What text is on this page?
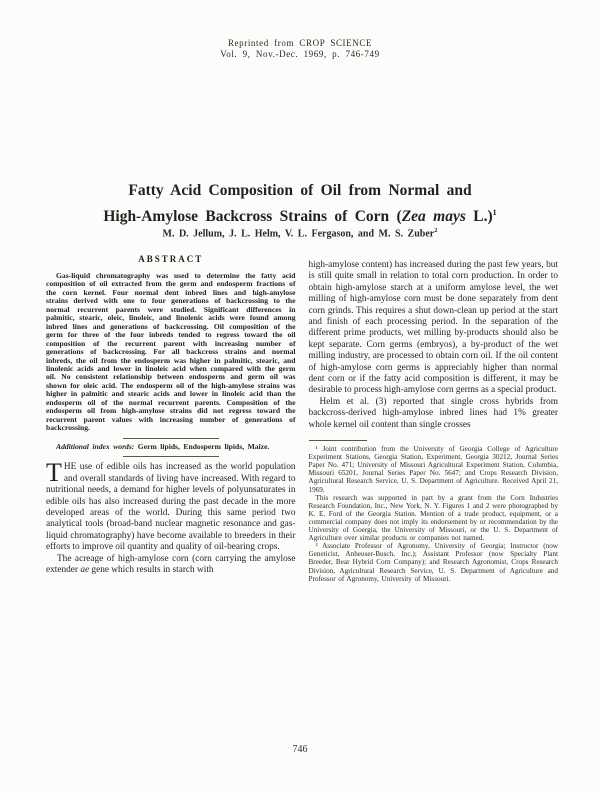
Reprinted from CROP SCIENCE
Vol. 9, Nov.-Dec. 1969, p. 746-749
Fatty Acid Composition of Oil from Normal and
High-Amylose Backcross Strains of Corn (Zea mays L.)$^1$
M. D. Jellum, J. L. Helm, V. L. Fergason, and M. S. Zuber$^2$
ABSTRACT

Gas-liquid chromatography was used to determine the fatty acid composition of oil extracted from the germ and endosperm fractions of the corn kernel. Four normal dent inbred lines and high-amylose strains derived with one to four generations of backcrossing to the normal recurrent parents were studied. Significant differences in palmitic, stearic, oleic, linoleic, and linolenic acids were found among inbred lines and generations of backcrossing. Oil composition of the germ for three of the four inbreds tended to regress toward the oil composition of the recurrent parent with increasing number of generations of backcrossing. For all backcross strains and normal inbreds, the oil from the endosperm was higher in palmitic, stearic, and linolenic acids and lower in linoleic acid when compared with the germ oil. No consistent relationship between endosperm and germ oil was shown for oleic acid. The endosperm oil of the high-amylose strains was higher in palmitic and stearic acids and lower in linoleic acid than the endosperm oil of the normal recurrent parents. Composition of the endosperm oil from high-amylose strains did not regress toward the recurrent parent values with increasing number of generations of backcrossing.

Additional index words: Germ lipids, Endosperm lipids, Maize.

THE use of edible oils has increased as the world population and overall standards of living have increased. With regard to nutritional needs, a demand for higher levels of polyunsaturates in edible oils has also increased during the past decade in the more developed areas of the world. During this same period two analytical tools (broad-band nuclear magnetic resonance and gas-liquid chromatography) have become available to breeders in their efforts to improve oil quantity and quality of oil-bearing crops.

The acreage of high-amylose corn (corn carrying the amylose extender ae gene which results in starch with

high-amylose content) has increased during the past few years, but is still quite small in relation to total corn production. In order to obtain high-amylose starch at a uniform amylose level, the wet milling of high-amylose corn must be done separately from dent corn grinds. This requires a shut down-clean up period at the start and finish of each processing period. In the separation of the different prime products, wet milling by-products should also be kept separate. Corn germs (embryos), a by-product of the wet milling industry, are processed to obtain corn oil. If the oil content of high-amylose corn germs is appreciably higher than normal dent corn or if the fatty acid composition is different, it may be desirable to process high-amylose corn germs as a special product.

Helm et al. (3) reported that single cross hybrids from backcross-derived high-amylose inbred lines had 1% greater whole kernel oil content than single crosses

¹ Joint contribution from the University of Georgia College of Agriculture Experiment Stations, Georgia Station, Experiment, Georgia 30212, Journal Series Paper No. 471; University of Missouri Agricultural Experiment Station, Columbia, Missouri 65201, Journal Series Paper No. 5647; and Crops Research Division, Agricultural Research Service, U. S. Department of Agriculture. Received April 21, 1969.

This research was supported in part by a grant from the Corn Industries Research Foundation, Inc., New York, N. Y. Figures 1 and 2 were photographed by K. E. Ford of the Georgia Station. Mention of a trade product, equipment, or a commercial company does not imply its endorsement by or recommendation by the University of Goergia, the University of Missouri, or the U. S. Department of Agriculture over similar products or companies not named.

² Associate Professor of Agronomy, University of Georgia; Instructor (now Geneticist, Anheuser-Busch, Inc.); Assistant Professor (now Specialty Plant Breeder, Bear Hybrid Corn Company); and Research Agronomist, Crops Research Division, Agricultural Research Service, U. S. Department of Agriculture and Professor of Agronomy, University of Missouri.

746
